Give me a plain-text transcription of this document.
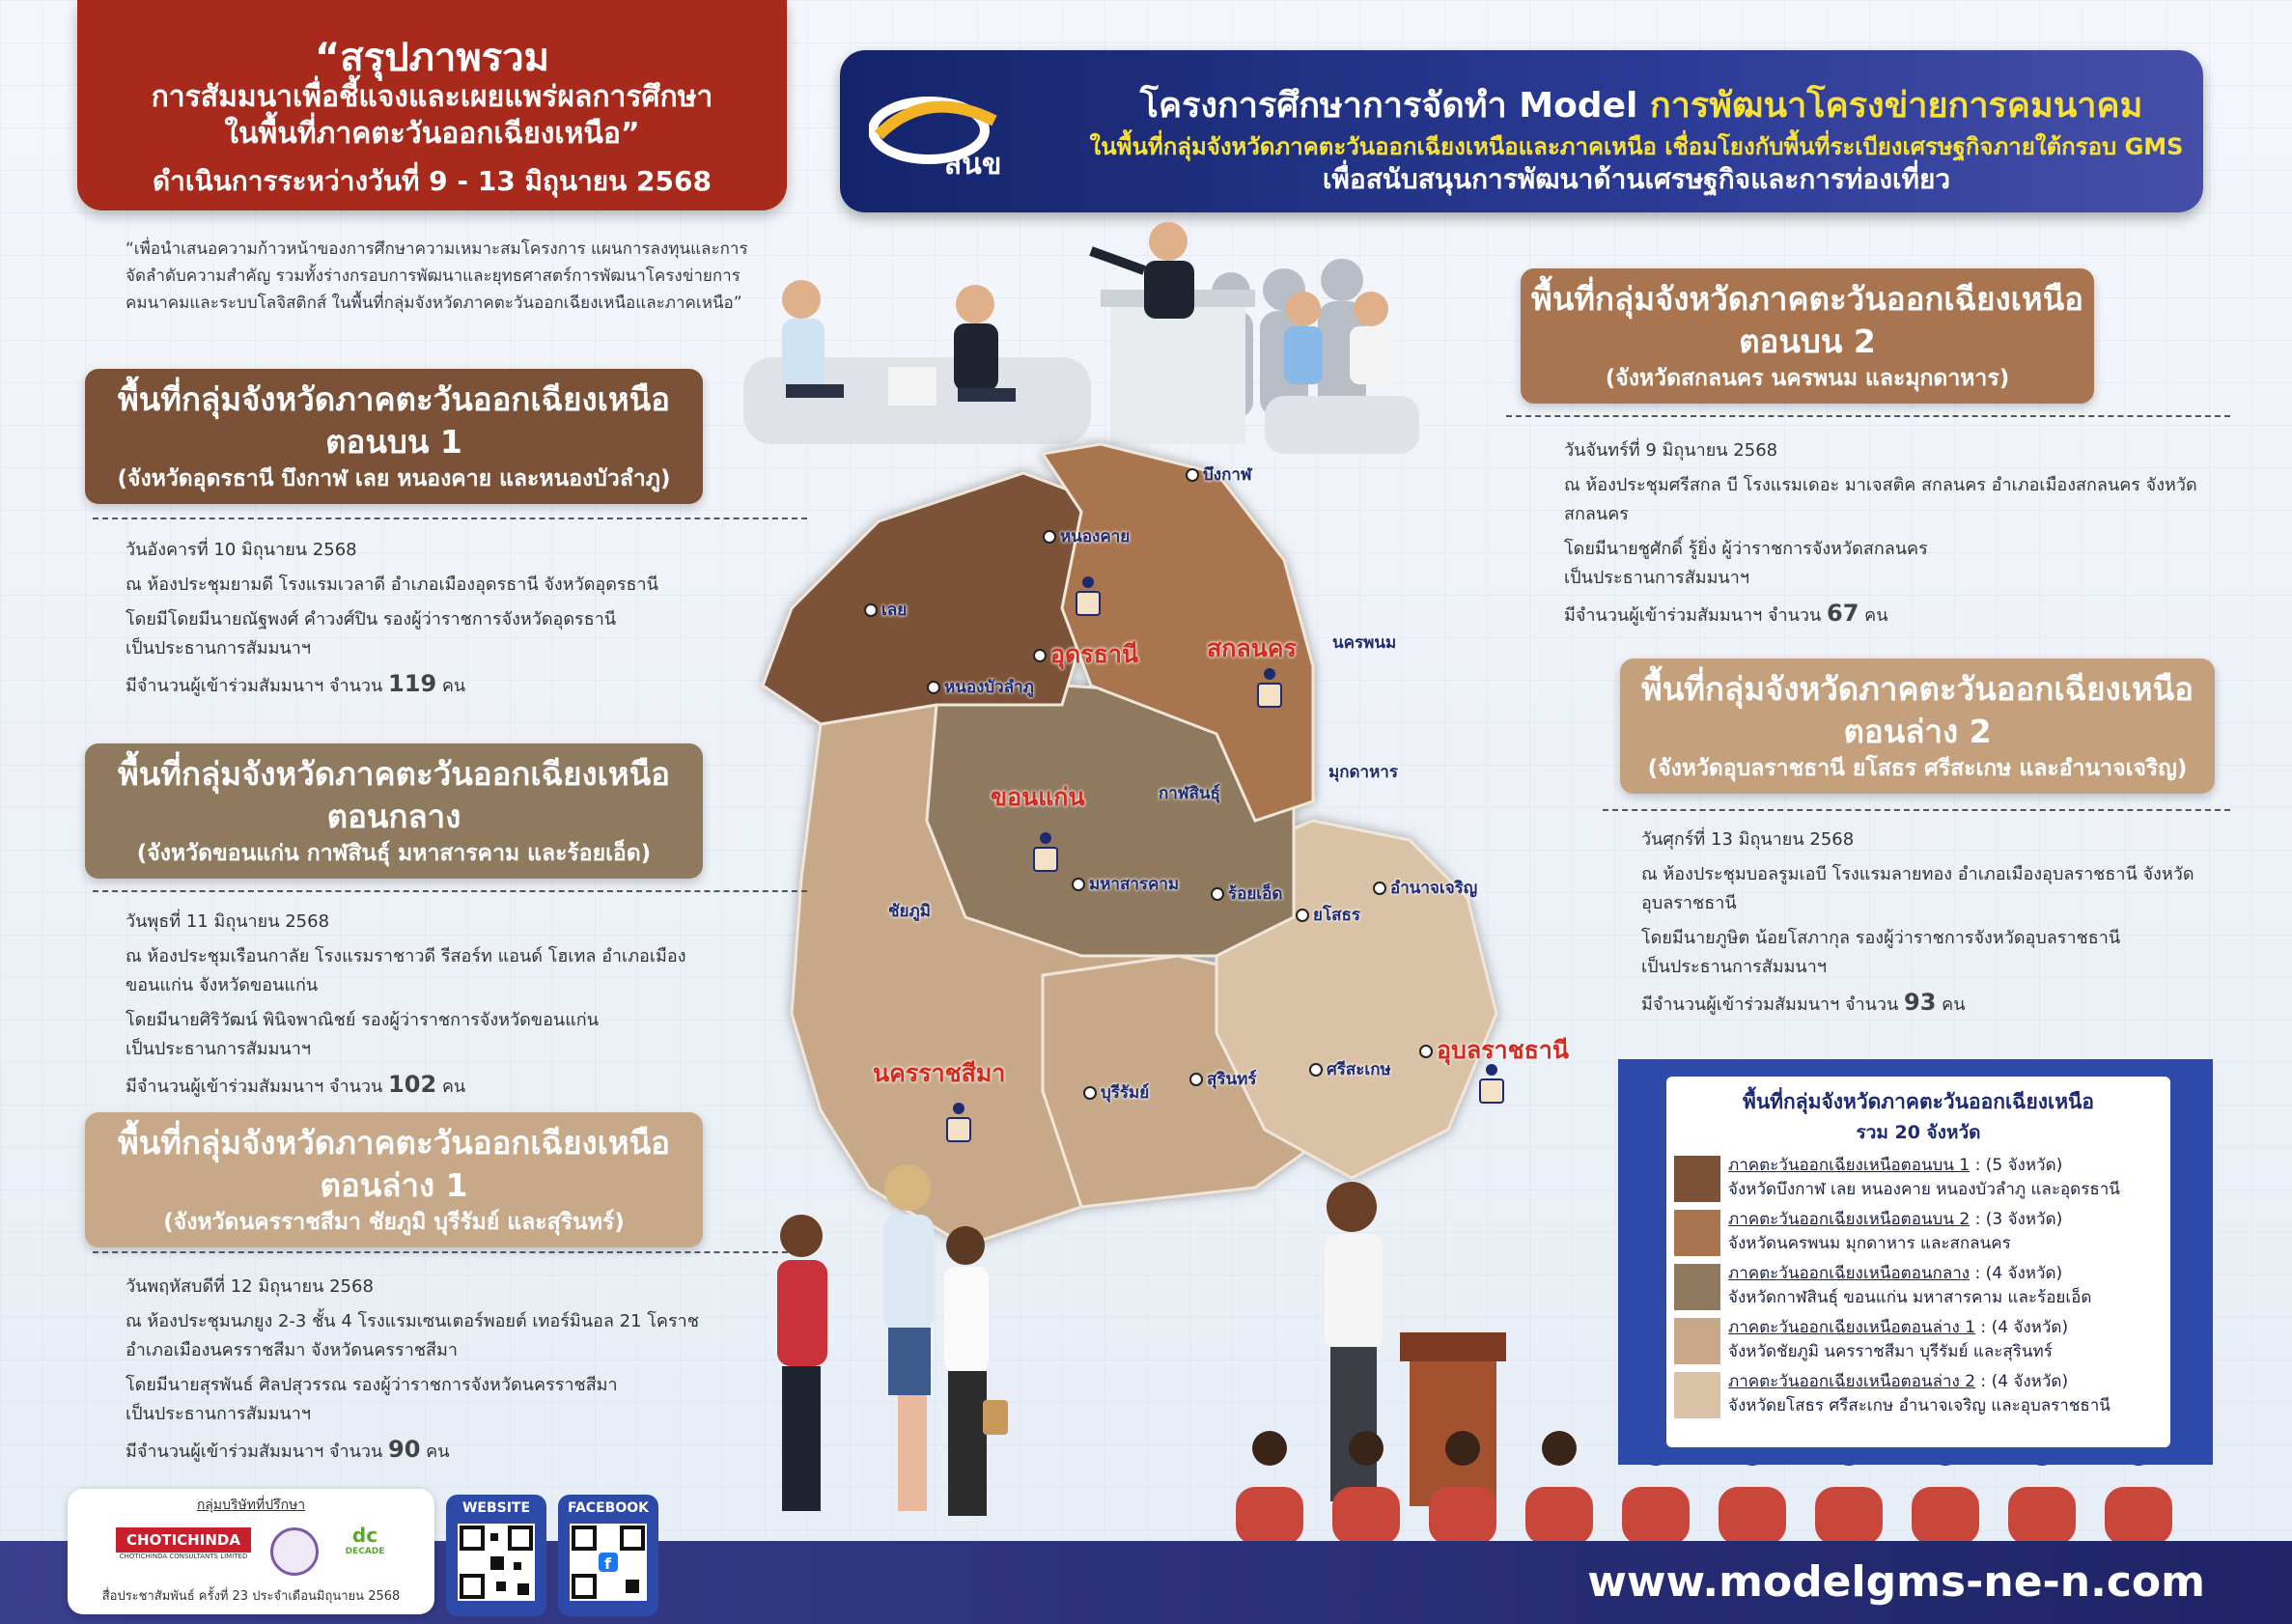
“สรุปภาพรวม
การสัมมนาเพื่อชี้แจงและเผยแพร่ผลการศึกษา
ในพื้นที่ภาคตะวันออกเฉียงเหนือ”
ดำเนินการระหว่างวันที่ 9 - 13 มิถุนายน 2568	สนข
โครงการศึกษาการจัดทำ Model การพัฒนาโครงข่ายการคมนาคม
ในพื้นที่กลุ่มจังหวัดภาคตะวันออกเฉียงเหนือและภาคเหนือ เชื่อมโยงกับพื้นที่ระเบียงเศรษฐกิจภายใต้กรอบ GMS
เพื่อสนับสนุนการพัฒนาด้านเศรษฐกิจและการท่องเที่ยว
“เพื่อนำเสนอความก้าวหน้าของการศึกษาความเหมาะสมโครงการ แผนการลงทุนและการจัดลำดับความสำคัญ รวมทั้งร่างกรอบการพัฒนาและยุทธศาสตร์การพัฒนาโครงข่ายการคมนาคมและระบบโลจิสติกส์ ในพื้นที่กลุ่มจังหวัดภาคตะวันออกเฉียงเหนือและภาคเหนือ”
บึงกาฬ
หนองคาย
เลย
อุดรธานี	สกลนคร นครพนม
หนองบัวลำภู
มุกดาหาร
ขอนแก่น	กาฬสินธุ์
ชัยภูมิ
มหาสารคาม	ร้อยเอ็ด
ยโสธร
อำนาจเจริญ
อุบลราชธานี
นครราชสีมา
บุรีรัมย์
สุรินทร์	ศรีสะเกษ
พื้นที่กลุ่มจังหวัดภาคตะวันออกเฉียงเหนือ
ตอนบน 1
(จังหวัดอุดรธานี บึงกาฬ เลย หนองคาย และหนองบัวลำภู)

วันอังคารที่ 10 มิถุนายน 2568

ณ ห้องประชุมยามดี โรงแรมเวลาดี อำเภอเมืองอุดรธานี จังหวัดอุดรธานี

โดยมีโดยมีนายณัฐพงศ์ คำวงศ์ปิน รองผู้ว่าราชการจังหวัดอุดรธานี

เป็นประธานการสัมมนาฯ

มีจำนวนผู้เข้าร่วมสัมมนาฯ จำนวน 119 คน

พื้นที่กลุ่มจังหวัดภาคตะวันออกเฉียงเหนือ
ตอนบน 2
(จังหวัดสกลนคร นครพนม และมุกดาหาร)

วันจันทร์ที่ 9 มิถุนายน 2568

ณ ห้องประชุมศรีสกล บี โรงแรมเดอะ มาเจสติค สกลนคร อำเภอเมืองสกลนคร จังหวัดสกลนคร

โดยมีนายชูศักดิ์ รู้ยิ่ง ผู้ว่าราชการจังหวัดสกลนคร

เป็นประธานการสัมมนาฯ

มีจำนวนผู้เข้าร่วมสัมมนาฯ จำนวน 67 คน

พื้นที่กลุ่มจังหวัดภาคตะวันออกเฉียงเหนือ
ตอนกลาง
(จังหวัดขอนแก่น กาฬสินธุ์ มหาสารคาม และร้อยเอ็ด)

วันพุธที่ 11 มิถุนายน 2568

ณ ห้องประชุมเรือนกาลัย โรงแรมราชาวดี รีสอร์ท แอนด์ โฮเทล อำเภอเมืองขอนแก่น จังหวัดขอนแก่น

โดยมีนายศิริวัฒน์ พินิจพาณิชย์ รองผู้ว่าราชการจังหวัดขอนแก่น

เป็นประธานการสัมมนาฯ

มีจำนวนผู้เข้าร่วมสัมมนาฯ จำนวน 102 คน

พื้นที่กลุ่มจังหวัดภาคตะวันออกเฉียงเหนือ
ตอนล่าง 2
(จังหวัดอุบลราชธานี ยโสธร ศรีสะเกษ และอำนาจเจริญ)

วันศุกร์ที่ 13 มิถุนายน 2568

ณ ห้องประชุมบอลรูมเอบี โรงแรมลายทอง อำเภอเมืองอุบลราชธานี จังหวัดอุบลราชธานี

โดยมีนายภูษิต น้อยโสภากุล รองผู้ว่าราชการจังหวัดอุบลราชธานี

เป็นประธานการสัมมนาฯ

มีจำนวนผู้เข้าร่วมสัมมนาฯ จำนวน 93 คน

พื้นที่กลุ่มจังหวัดภาคตะวันออกเฉียงเหนือ
ตอนล่าง 1
(จังหวัดนครราชสีมา ชัยภูมิ บุรีรัมย์ และสุรินทร์)

วันพฤหัสบดีที่ 12 มิถุนายน 2568

ณ ห้องประชุมนภยูง 2-3 ชั้น 4 โรงแรมเซนเตอร์พอยต์ เทอร์มินอล 21 โคราช อำเภอเมืองนครราชสีมา จังหวัดนครราชสีมา

โดยมีนายสุรพันธ์ ศิลปสุวรรณ รองผู้ว่าราชการจังหวัดนครราชสีมา

เป็นประธานการสัมมนาฯ

มีจำนวนผู้เข้าร่วมสัมมนาฯ จำนวน 90 คน

พื้นที่กลุ่มจังหวัดภาคตะวันออกเฉียงเหนือ
รวม 20 จังหวัด
ภาคตะวันออกเฉียงเหนือตอนบน 1 : (5 จังหวัด)
จังหวัดบึงกาฬ เลย หนองคาย หนองบัวลำภู และอุดรธานี
ภาคตะวันออกเฉียงเหนือตอนบน 2 : (3 จังหวัด)
จังหวัดนครพนม มุกดาหาร และสกลนคร
ภาคตะวันออกเฉียงเหนือตอนกลาง : (4 จังหวัด)
จังหวัดกาฬสินธุ์ ขอนแก่น มหาสารคาม และร้อยเอ็ด
ภาคตะวันออกเฉียงเหนือตอนล่าง 1 : (4 จังหวัด)
จังหวัดชัยภูมิ นครราชสีมา บุรีรัมย์ และสุรินทร์
ภาคตะวันออกเฉียงเหนือตอนล่าง 2 : (4 จังหวัด)
จังหวัดยโสธร ศรีสะเกษ อำนาจเจริญ และอุบลราชธานี
www.modelgms-ne-n.com
กลุ่มบริษัทที่ปรึกษา
CHOTICHINDA
CHOTICHINDA CONSULTANTS LIMITED
dc
DECADE
สื่อประชาสัมพันธ์ ครั้งที่ 23 ประจำเดือนมิถุนายน 2568
WEBSITE	FACEBOOK
f
